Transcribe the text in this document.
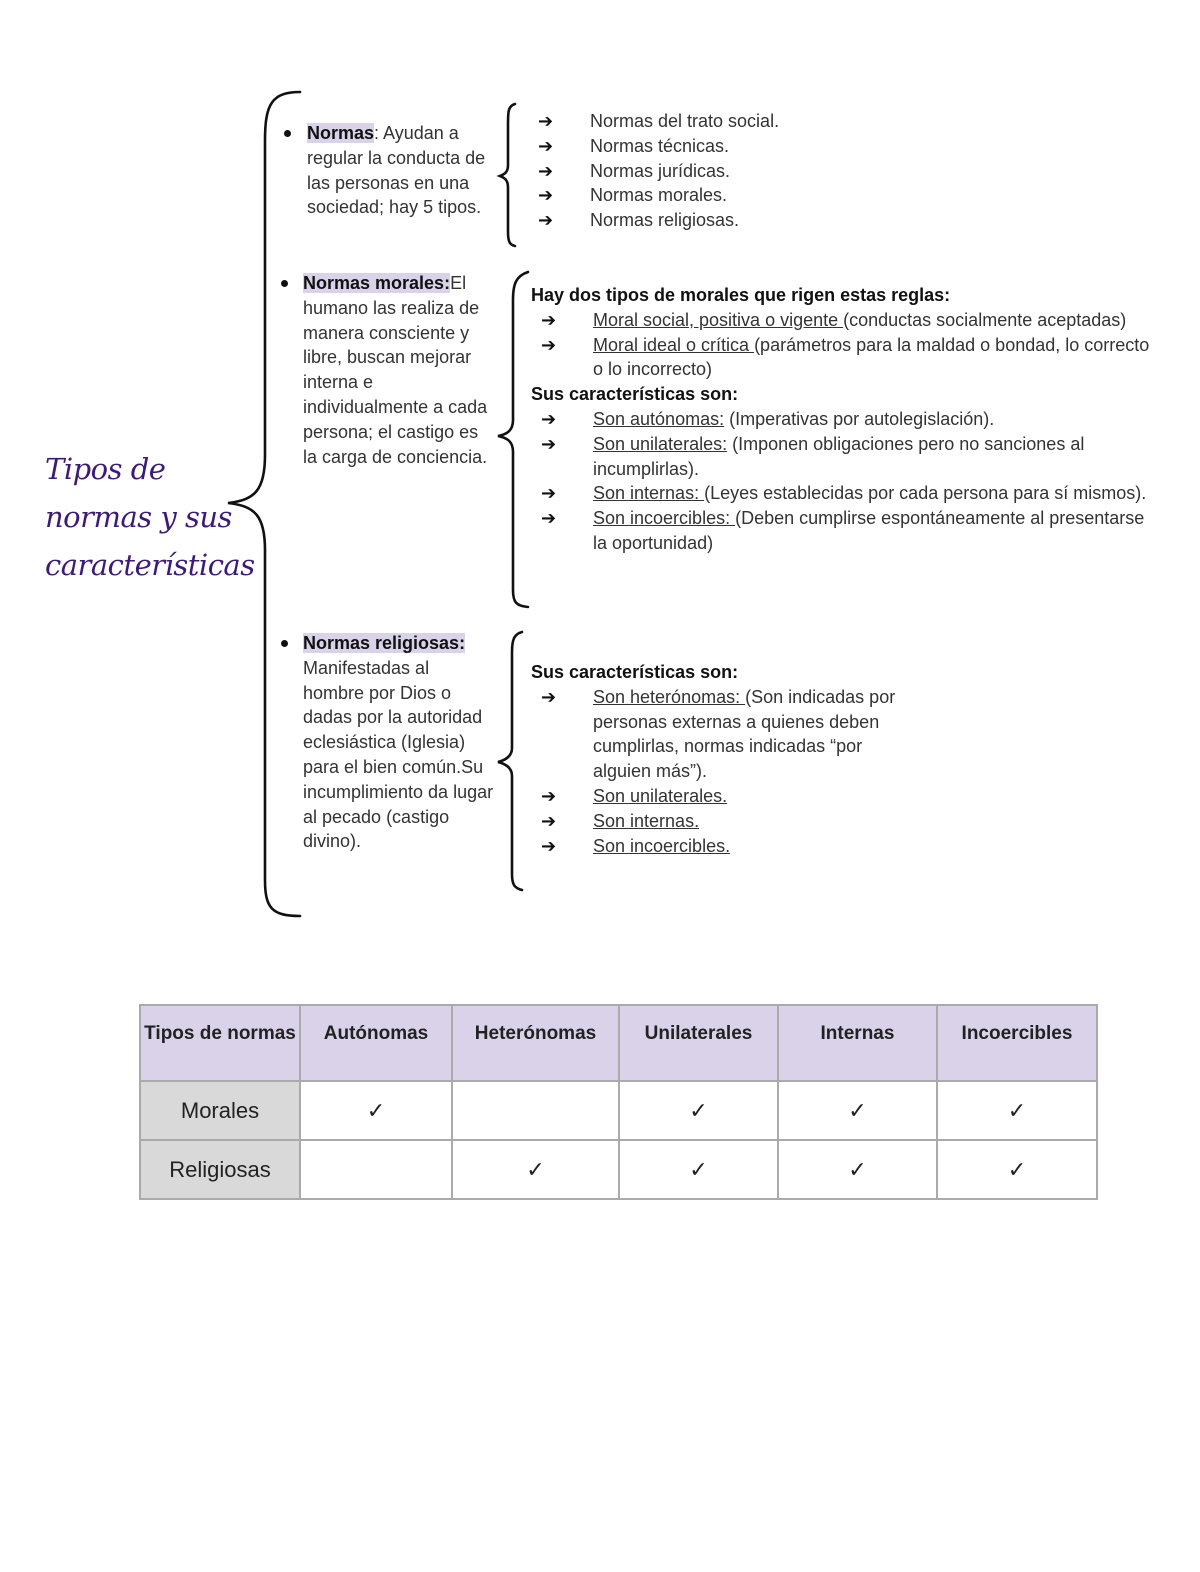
Tipos de
normas y sus
características
Normas: Ayudan a regular la conducta de las personas en una sociedad; hay 5 tipos.
➔ Normas del trato social.
➔ Normas técnicas.
➔ Normas jurídicas.
➔ Normas morales.
➔ Normas religiosas.
Normas morales:El humano las realiza de manera consciente y libre, buscan mejorar interna e individualmente a cada persona; el castigo es la carga de conciencia.
Hay dos tipos de morales que rigen estas reglas:
➔ Moral social, positiva o vigente (conductas socialmente aceptadas)
➔ Moral ideal o crítica (parámetros para la maldad o bondad, lo correcto o lo incorrecto)
Sus características son:
➔ Son autónomas: (Imperativas por autolegislación).
➔ Son unilaterales: (Imponen obligaciones pero no sanciones al incumplirlas).
➔ Son internas: (Leyes establecidas por cada persona para sí mismos).
➔ Son incoercibles: (Deben cumplirse espontáneamente al presentarse la oportunidad)
Normas religiosas: Manifestadas al hombre por Dios o dadas por la autoridad eclesiástica (Iglesia) para el bien común.Su incumplimiento da lugar al pecado (castigo divino).
Sus características son:
➔ Son heterónomas: (Son indicadas por personas externas a quienes deben cumplirlas, normas indicadas “por alguien más”).
➔ Son unilaterales.
➔ Son internas.
➔ Son incoercibles.
Tipos de normas	Autónomas	Heterónomas	Unilaterales	Internas	Incoercibles
Morales	✓		✓	✓	✓
Religiosas		✓	✓	✓	✓
